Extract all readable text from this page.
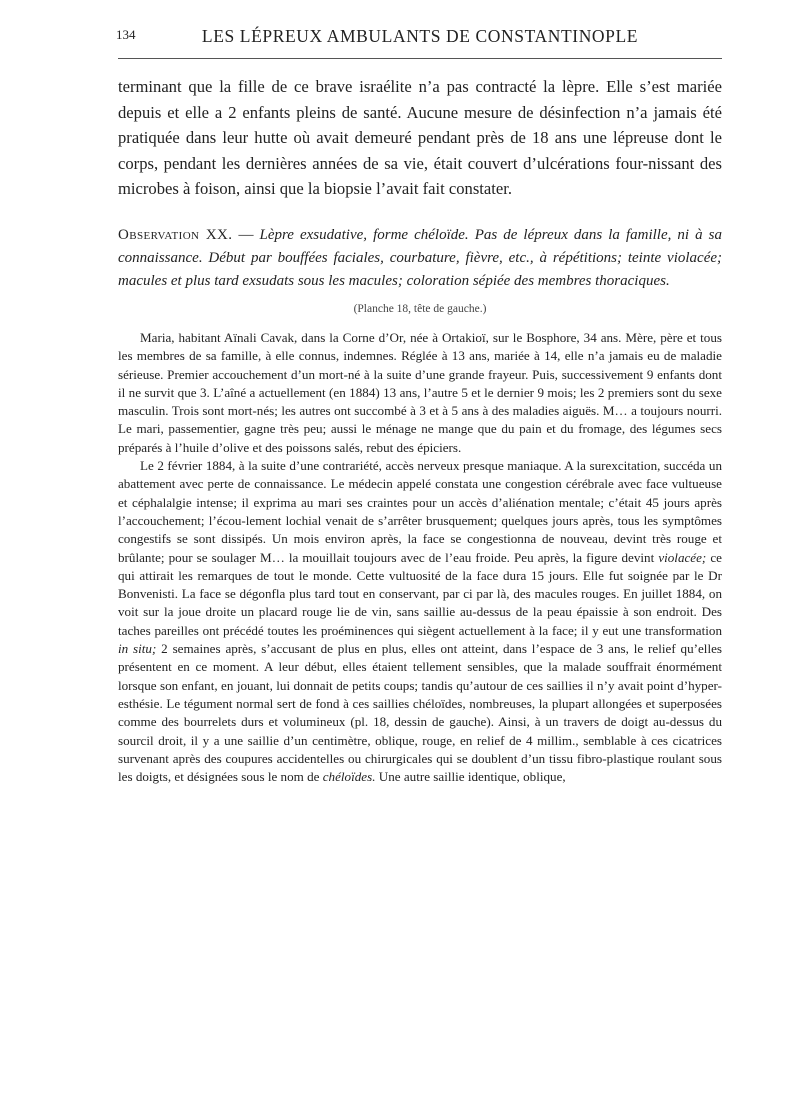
134	LES LÉPREUX AMBULANTS DE CONSTANTINOPLE

terminant que la fille de ce brave israélite n’a pas contracté la lèpre. Elle s’est mariée depuis et elle a 2 enfants pleins de santé. Aucune mesure de désinfection n’a jamais été pratiquée dans leur hutte où avait demeuré pendant près de 18 ans une lépreuse dont le corps, pendant les dernières années de sa vie, était couvert d’ulcérations four-nissant des microbes à foison, ainsi que la biopsie l’avait fait constater.

Observation XX. — Lèpre exsudative, forme chéloïde. Pas de lépreux dans la famille, ni à sa connaissance. Début par bouffées faciales, courbature, fièvre, etc., à répétitions; teinte violacée; macules et plus tard exsudats sous les macules; coloration sépiée des membres thoraciques.

(Planche 18, tête de gauche.)

Maria, habitant Aïnali Cavak, dans la Corne d’Or, née à Ortakioï, sur le Bosphore, 34 ans. Mère, père et tous les membres de sa famille, à elle connus, indemnes. Réglée à 13 ans, mariée à 14, elle n’a jamais eu de maladie sérieuse. Premier accouchement d’un mort-né à la suite d’une grande frayeur. Puis, successivement 9 enfants dont il ne survit que 3. L’aîné a actuellement (en 1884) 13 ans, l’autre 5 et le dernier 9 mois; les 2 premiers sont du sexe masculin. Trois sont mort-nés; les autres ont succombé à 3 et à 5 ans à des maladies aiguës. M… a toujours nourri. Le mari, passementier, gagne très peu; aussi le ménage ne mange que du pain et du fromage, des légumes secs préparés à l’huile d’olive et des poissons salés, rebut des épiciers.

Le 2 février 1884, à la suite d’une contrariété, accès nerveux presque maniaque. A la surexcitation, succéda un abattement avec perte de connaissance. Le médecin appelé constata une congestion cérébrale avec face vultueuse et céphalalgie intense; il exprima au mari ses craintes pour un accès d’aliénation mentale; c’était 45 jours après l’accouchement; l’écou-lement lochial venait de s’arrêter brusquement; quelques jours après, tous les symptômes congestifs se sont dissipés. Un mois environ après, la face se congestionna de nouveau, devint très rouge et brûlante; pour se soulager M… la mouillait toujours avec de l’eau froide. Peu après, la figure devint violacée; ce qui attirait les remarques de tout le monde. Cette vultuosité de la face dura 15 jours. Elle fut soignée par le Dr Bonvenisti. La face se dégonfla plus tard tout en conservant, par ci par là, des macules rouges. En juillet 1884, on voit sur la joue droite un placard rouge lie de vin, sans saillie au-dessus de la peau épaissie à son endroit. Des taches pareilles ont précédé toutes les proéminences qui siègent actuellement à la face; il y eut une transformation in situ; 2 semaines après, s’accusant de plus en plus, elles ont atteint, dans l’espace de 3 ans, le relief qu’elles présentent en ce moment. A leur début, elles étaient tellement sensibles, que la malade souffrait énormément lorsque son enfant, en jouant, lui donnait de petits coups; tandis qu’autour de ces saillies il n’y avait point d’hyper-esthésie. Le tégument normal sert de fond à ces saillies chéloïdes, nombreuses, la plupart allongées et superposées comme des bourrelets durs et volumineux (pl. 18, dessin de gauche). Ainsi, à un travers de doigt au-dessus du sourcil droit, il y a une saillie d’un centimètre, oblique, rouge, en relief de 4 millim., semblable à ces cicatrices survenant après des coupures accidentelles ou chirurgicales qui se doublent d’un tissu fibro-plastique roulant sous les doigts, et désignées sous le nom de chéloïdes. Une autre saillie identique, oblique,
